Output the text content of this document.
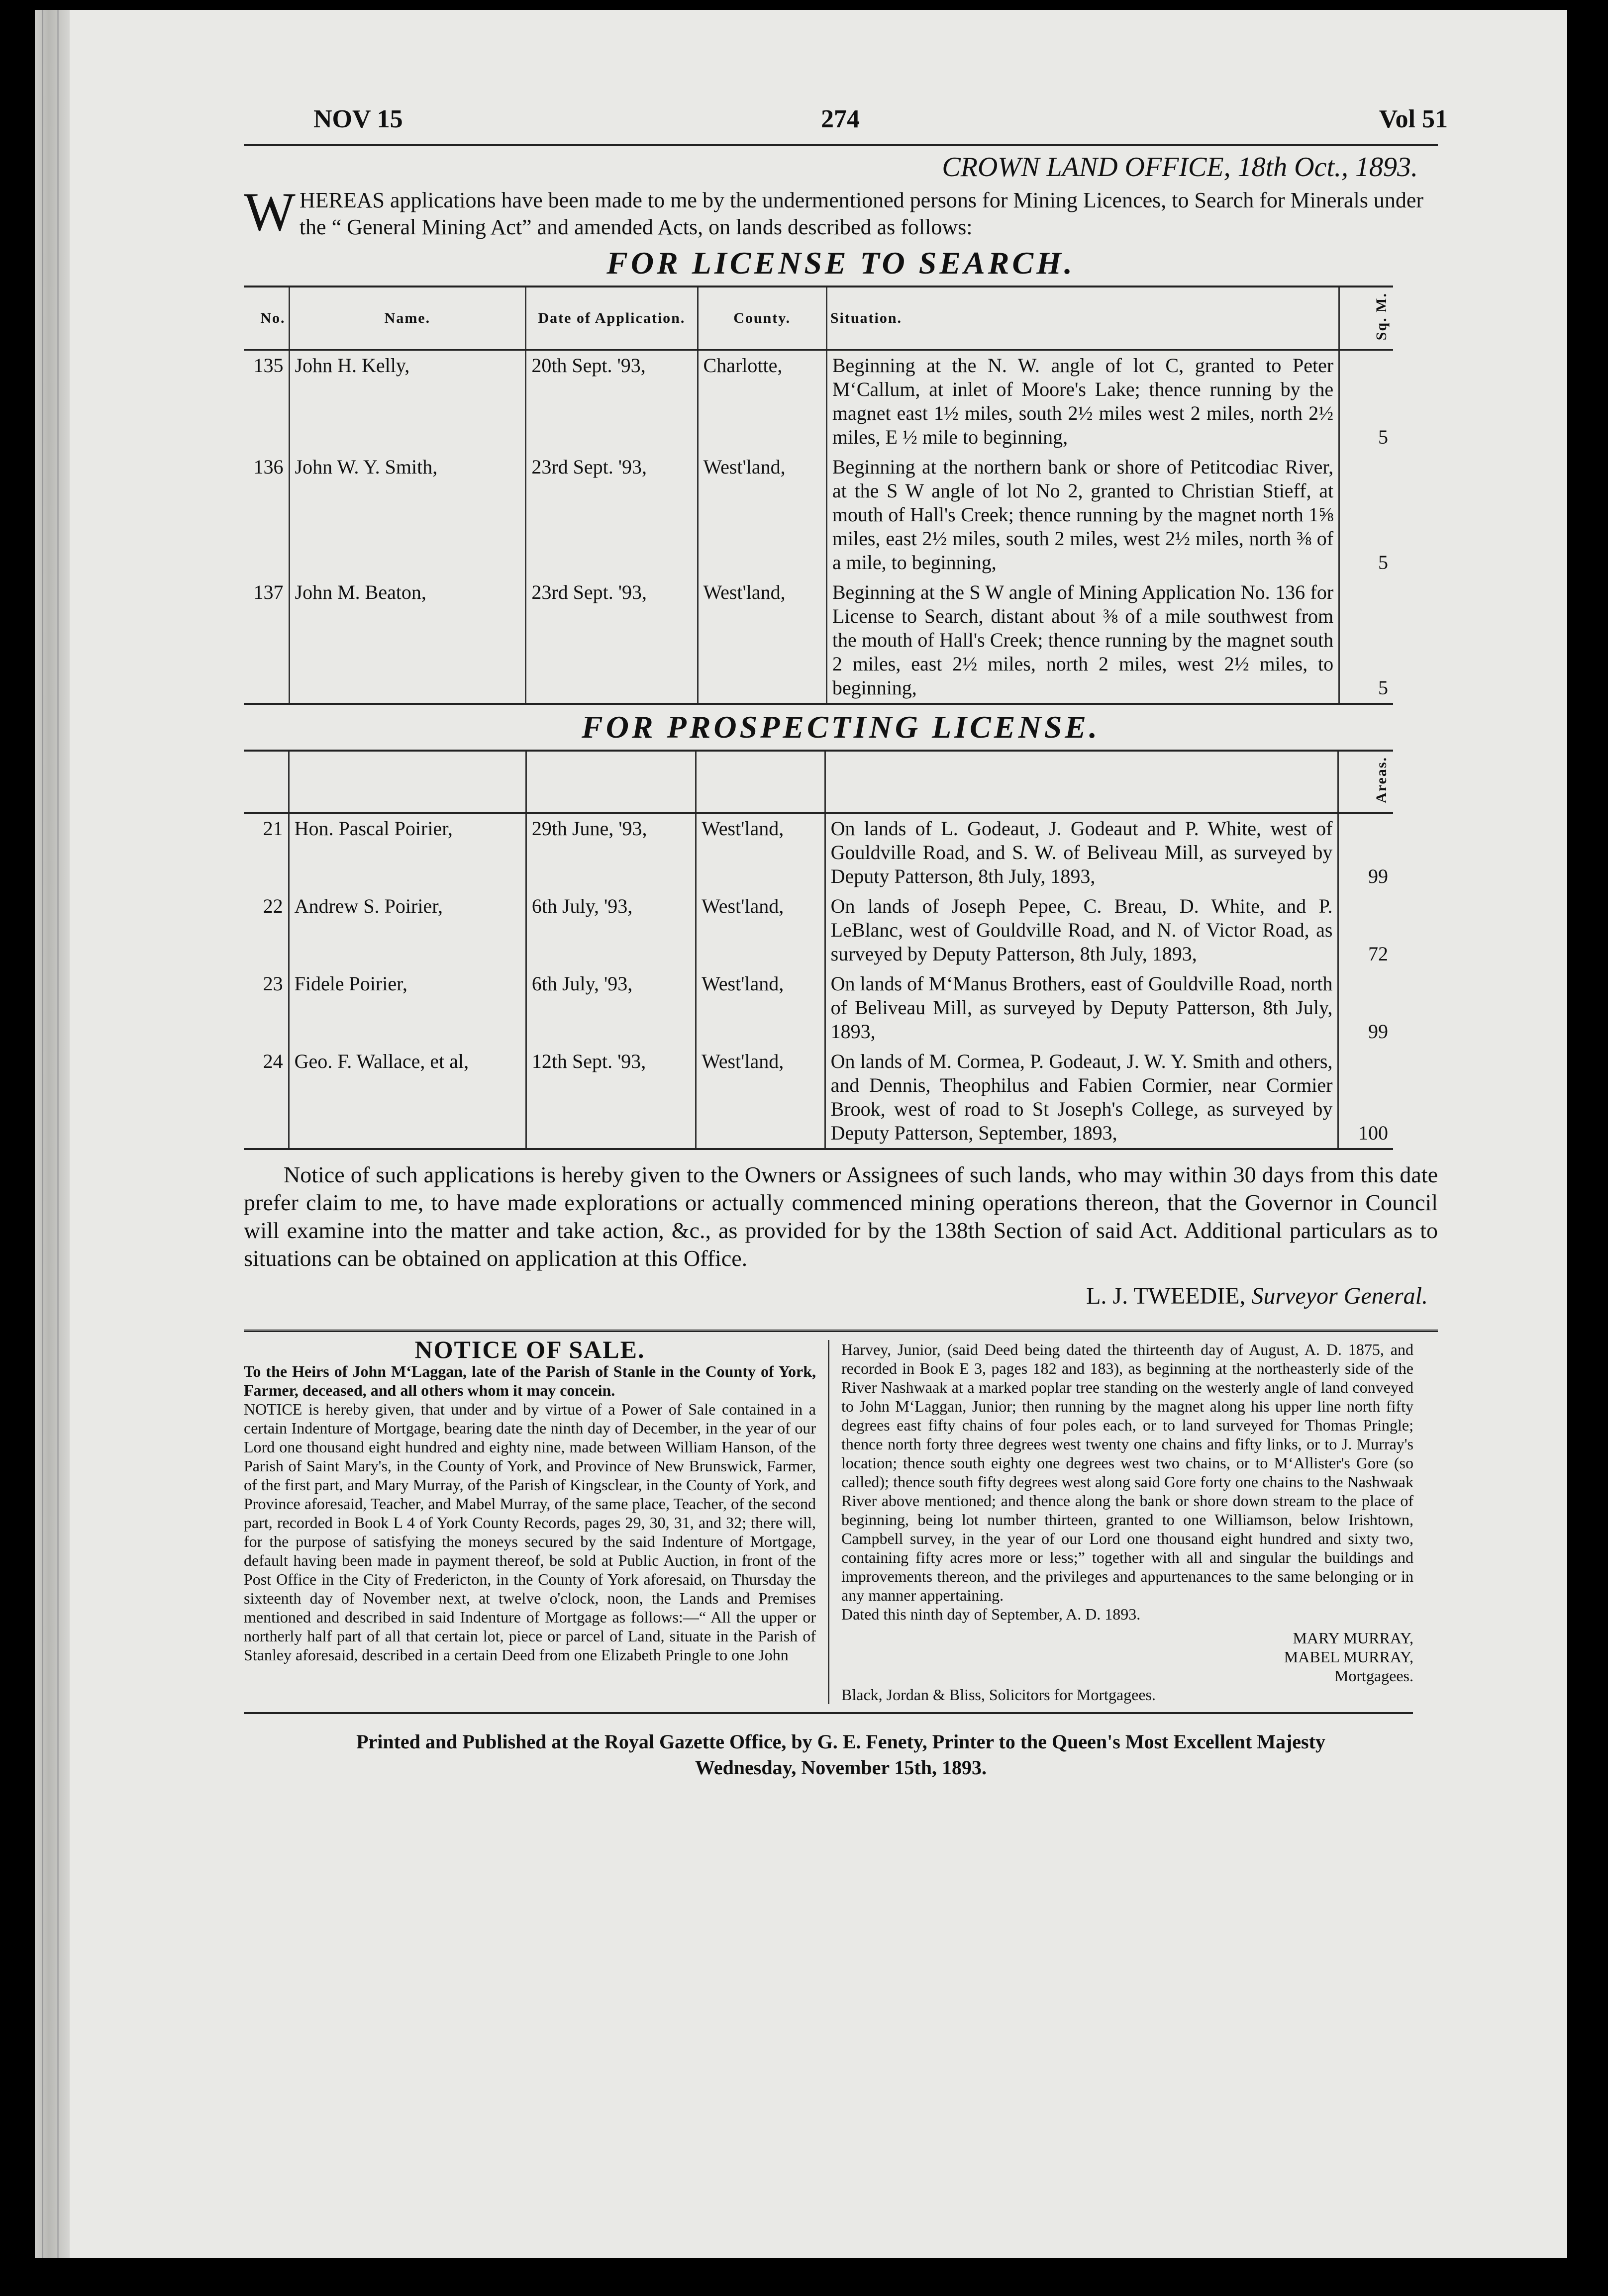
NOV 15	274	Vol 51
CROWN LAND OFFICE, 18th Oct., 1893.
W HEREAS applications have been made to me by the undermentioned persons for Mining Licences, to Search for Minerals under the “ General Mining Act” and amended Acts, on lands described as follows:
FOR LICENSE TO SEARCH.
No.	Name.	Date of Application.	County.	Situation.	Sq. M.
135	John H. Kelly,	20th Sept. '93,	Charlotte,	Beginning at the N. W. angle of lot C, granted to Peter M‘Callum, at inlet of Moore's Lake; thence running by the magnet east 1½ miles, south 2½ miles west 2 miles, north 2½ miles, E ½ mile to beginning,	5
136	John W. Y. Smith,	23rd Sept. '93,	West'land,	Beginning at the northern bank or shore of Petitcodiac River, at the S W angle of lot No 2, granted to Christian Stieff, at mouth of Hall's Creek; thence running by the magnet north 1⅝ miles, east 2½ miles, south 2 miles, west 2½ miles, north ⅜ of a mile, to beginning,	5
137	John M. Beaton,	23rd Sept. '93,	West'land,	Beginning at the S W angle of Mining Application No. 136 for License to Search, distant about ⅜ of a mile southwest from the mouth of Hall's Creek; thence running by the magnet south 2 miles, east 2½ miles, north 2 miles, west 2½ miles, to beginning,	5
FOR PROSPECTING LICENSE.
					Areas.
21	Hon. Pascal Poirier,	29th June, '93,	West'land,	On lands of L. Godeaut, J. Godeaut and P. White, west of Gouldville Road, and S. W. of Beliveau Mill, as surveyed by Deputy Patterson, 8th July, 1893,	99
22	Andrew S. Poirier,	6th July, '93,	West'land,	On lands of Joseph Pepee, C. Breau, D. White, and P. LeBlanc, west of Gouldville Road, and N. of Victor Road, as surveyed by Deputy Patterson, 8th July, 1893,	72
23	Fidele Poirier,	6th July, '93,	West'land,	On lands of M‘Manus Brothers, east of Gouldville Road, north of Beliveau Mill, as surveyed by Deputy Patterson, 8th July, 1893,	99
24	Geo. F. Wallace, et al,	12th Sept. '93,	West'land,	On lands of M. Cormea, P. Godeaut, J. W. Y. Smith and others, and Dennis, Theophilus and Fabien Cormier, near Cormier Brook, west of road to St Joseph's College, as surveyed by Deputy Patterson, September, 1893,	100
Notice of such applications is hereby given to the Owners or Assignees of such lands, who may within 30 days from this date prefer claim to me, to have made explorations or actually commenced mining operations thereon, that the Governor in Council will examine into the matter and take action, &c., as provided for by the 138th Section of said Act. Additional particulars as to situations can be obtained on application at this Office.
L. J. TWEEDIE, Surveyor General.
NOTICE OF SALE.
To the Heirs of John M‘Laggan, late of the Parish of Stanle in the County of York, Farmer, deceased, and all others whom it may concein.
NOTICE is hereby given, that under and by virtue of a Power of Sale contained in a certain Indenture of Mortgage, bearing date the ninth day of December, in the year of our Lord one thousand eight hundred and eighty nine, made between William Hanson, of the Parish of Saint Mary's, in the County of York, and Province of New Brunswick, Farmer, of the first part, and Mary Murray, of the Parish of Kingsclear, in the County of York, and Province aforesaid, Teacher, and Mabel Murray, of the same place, Teacher, of the second part, recorded in Book L 4 of York County Records, pages 29, 30, 31, and 32; there will, for the purpose of satisfying the moneys secured by the said Indenture of Mortgage, default having been made in payment thereof, be sold at Public Auction, in front of the Post Office in the City of Fredericton, in the County of York aforesaid, on Thursday the sixteenth day of November next, at twelve o'clock, noon, the Lands and Premises mentioned and described in said Indenture of Mortgage as follows:—“ All the upper or northerly half part of all that certain lot, piece or parcel of Land, situate in the Parish of Stanley aforesaid, described in a certain Deed from one Elizabeth Pringle to one John
Harvey, Junior, (said Deed being dated the thirteenth day of August, A. D. 1875, and recorded in Book E 3, pages 182 and 183), as beginning at the northeasterly side of the River Nashwaak at a marked poplar tree standing on the westerly angle of land conveyed to John M‘Laggan, Junior; then running by the magnet along his upper line north fifty degrees east fifty chains of four poles each, or to land surveyed for Thomas Pringle; thence north forty three degrees west twenty one chains and fifty links, or to J. Murray's location; thence south eighty one degrees west two chains, or to M‘Allister's Gore (so called); thence south fifty degrees west along said Gore forty one chains to the Nashwaak River above mentioned; and thence along the bank or shore down stream to the place of beginning, being lot number thirteen, granted to one Williamson, below Irishtown, Campbell survey, in the year of our Lord one thousand eight hundred and sixty two, containing fifty acres more or less;” together with all and singular the buildings and improvements thereon, and the privileges and appurtenances to the same belonging or in any manner appertaining.
Dated this ninth day of September, A. D. 1893.
MARY MURRAY,
MABEL MURRAY,
Mortgagees.
Black, Jordan & Bliss, Solicitors for Mortgagees.
Printed and Published at the Royal Gazette Office, by G. E. Fenety, Printer to the Queen's Most Excellent Majesty
Wednesday, November 15th, 1893.
